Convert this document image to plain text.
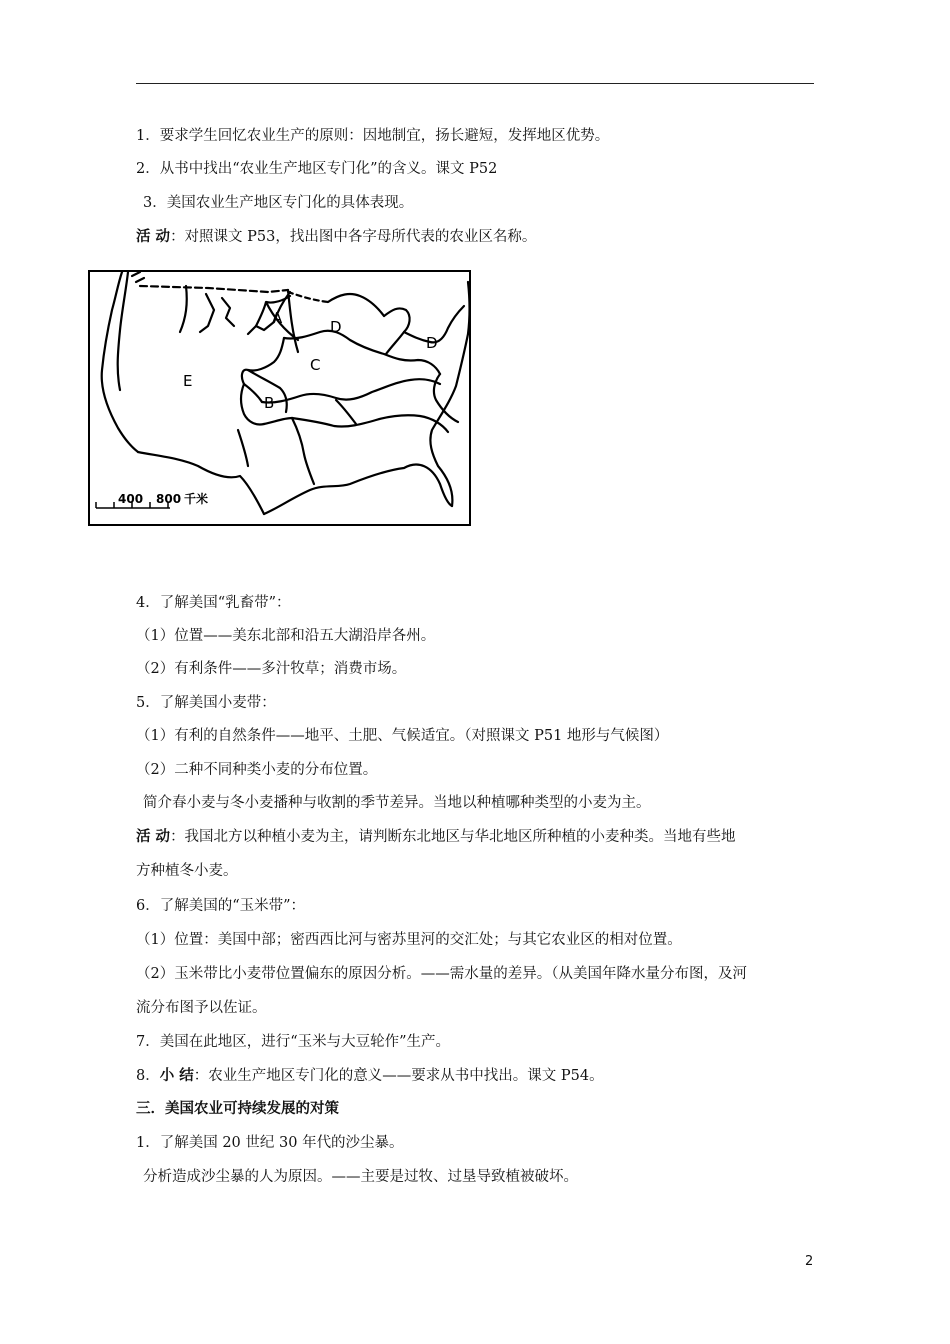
1．要求学生回忆农业生产的原则：因地制宜，扬长避短，发挥地区优势。
2．从书中找出“农业生产地区专门化”的含义。课文 P52
3．美国农业生产地区专门化的具体表现。
活 动：对照课文 P53，找出图中各字母所代表的农业区名称。
A
B
C
D
D
E
400 800 千米
4．了解美国“乳畜带”：
（1）位置——美东北部和沿五大湖沿岸各州。
（2）有利条件——多汁牧草；消费市场。
5．了解美国小麦带：
（1）有利的自然条件——地平、土肥、气候适宜。（对照课文 P51 地形与气候图）
（2）二种不同种类小麦的分布位置。
简介春小麦与冬小麦播种与收割的季节差异。当地以种植哪种类型的小麦为主。
活 动：我国北方以种植小麦为主，请判断东北地区与华北地区所种植的小麦种类。当地有些地
方种植冬小麦。
6．了解美国的“玉米带”：
（1）位置：美国中部；密西西比河与密苏里河的交汇处；与其它农业区的相对位置。
（2）玉米带比小麦带位置偏东的原因分析。——需水量的差异。（从美国年降水量分布图，及河
流分布图予以佐证。
7．美国在此地区，进行“玉米与大豆轮作”生产。
8．小 结：农业生产地区专门化的意义——要求从书中找出。课文 P54。
三．美国农业可持续发展的对策
1．了解美国 20 世纪 30 年代的沙尘暴。
分析造成沙尘暴的人为原因。——主要是过牧、过垦导致植被破坏。
2
